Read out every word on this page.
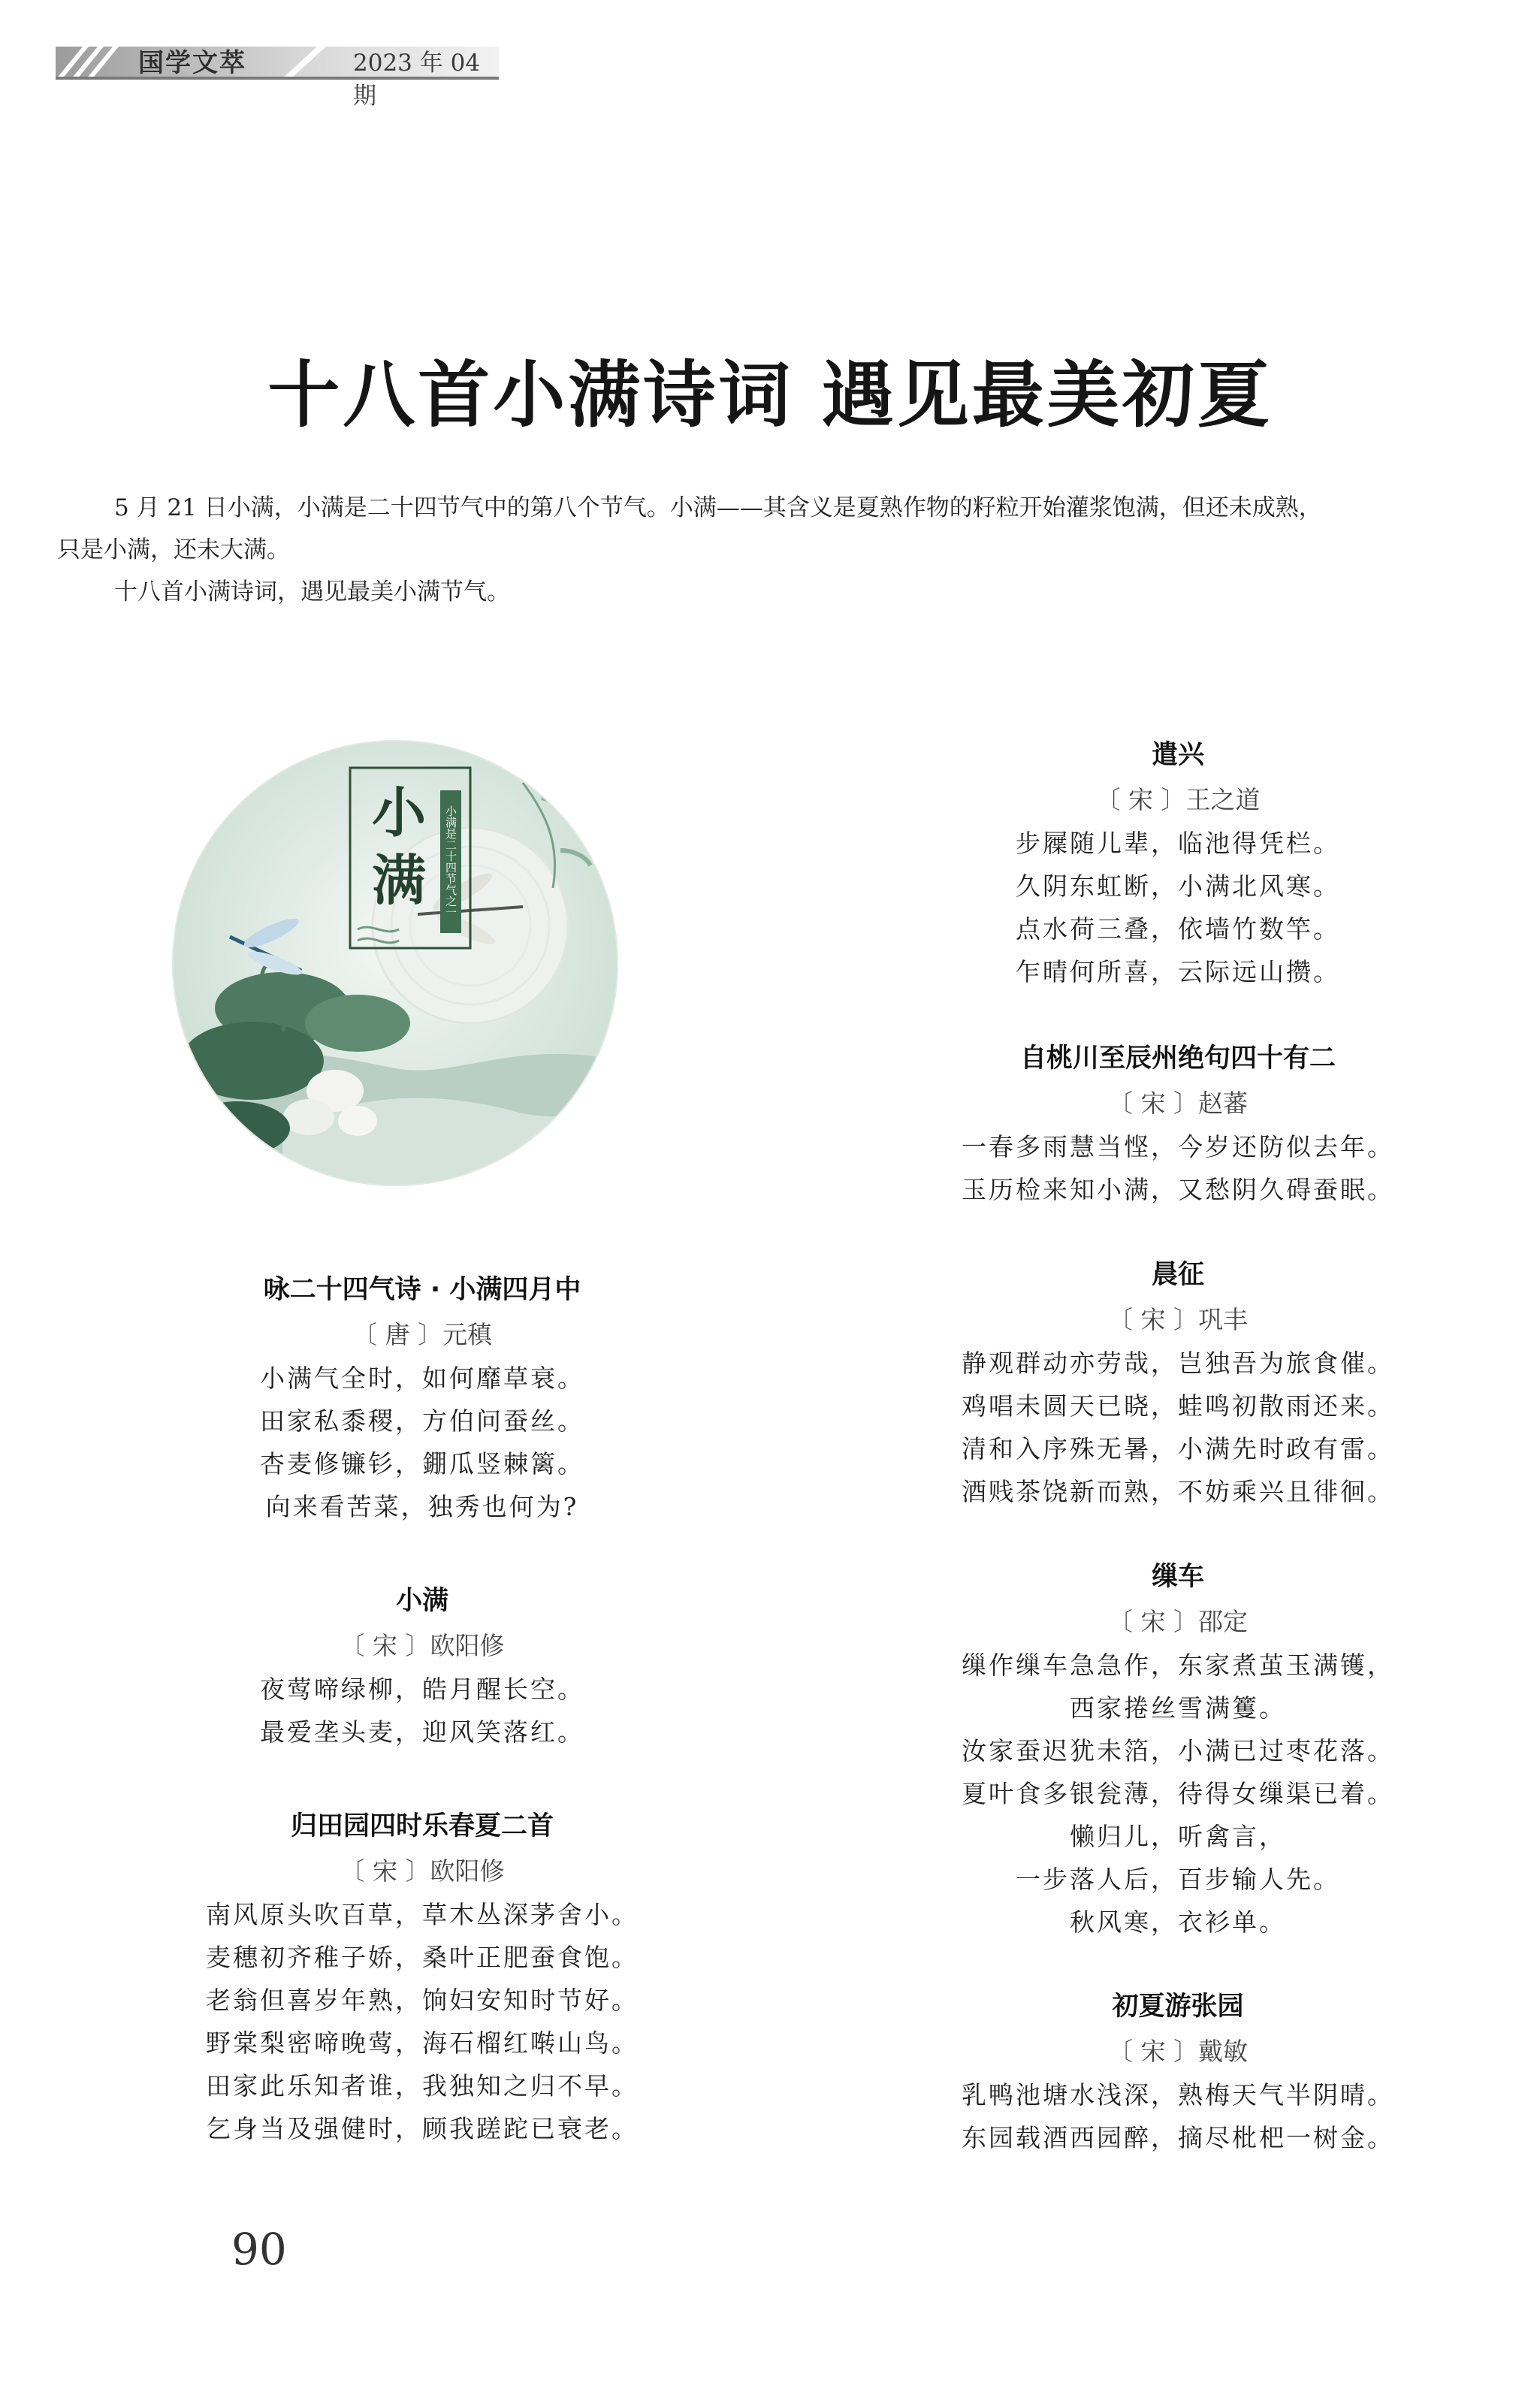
国学文萃	2023 年 04 期
十八首小满诗词 遇见最美初夏

5 月 21 日小满，小满是二十四节气中的第八个节气。小满——其含义是夏熟作物的籽粒开始灌浆饱满，但还未成熟，

只是小满，还未大满。

十八首小满诗词，遇见最美小满节气。

小
满 小满是二十四节气之一
咏二十四气诗 · 小满四月中
〔 唐 〕元稹
小满气全时，如何靡草衰。
田家私黍稷，方伯问蚕丝。
杏麦修镰钐，錋瓜竖棘篱。
向来看苦菜，独秀也何为?
小满
〔 宋 〕欧阳修
夜莺啼绿柳，皓月醒长空。
最爱垄头麦，迎风笑落红。
归田园四时乐春夏二首
〔 宋 〕欧阳修
南风原头吹百草，草木丛深茅舍小。
麦穗初齐稚子娇，桑叶正肥蚕食饱。
老翁但喜岁年熟，饷妇安知时节好。
野棠梨密啼晚莺，海石榴红啭山鸟。
田家此乐知者谁，我独知之归不早。
乞身当及强健时，顾我蹉跎已衰老。
遣兴
〔 宋 〕王之道
步屧随儿辈，临池得凭栏。
久阴东虹断，小满北风寒。
点水荷三叠，依墙竹数竿。
乍晴何所喜，云际远山攒。
自桃川至辰州绝句四十有二
〔 宋 〕赵蕃
一春多雨慧当悭，今岁还防似去年。
玉历检来知小满，又愁阴久碍蚕眠。
晨征
〔 宋 〕巩丰
静观群动亦劳哉，岂独吾为旅食催。
鸡唱未圆天已晓，蛙鸣初散雨还来。
清和入序殊无暑，小满先时政有雷。
酒贱茶饶新而熟，不妨乘兴且徘徊。
缫车
〔 宋 〕邵定
缫作缫车急急作，东家煮茧玉满镬，
西家捲丝雪满籆。
汝家蚕迟犹未箔，小满已过枣花落。
夏叶食多银瓮薄，待得女缫渠已着。
懒归儿，听禽言，
一步落人后，百步输人先。
秋风寒，衣衫单。
初夏游张园
〔 宋 〕戴敏
乳鸭池塘水浅深，熟梅天气半阴晴。
东园载酒西园醉，摘尽枇杷一树金。
90
